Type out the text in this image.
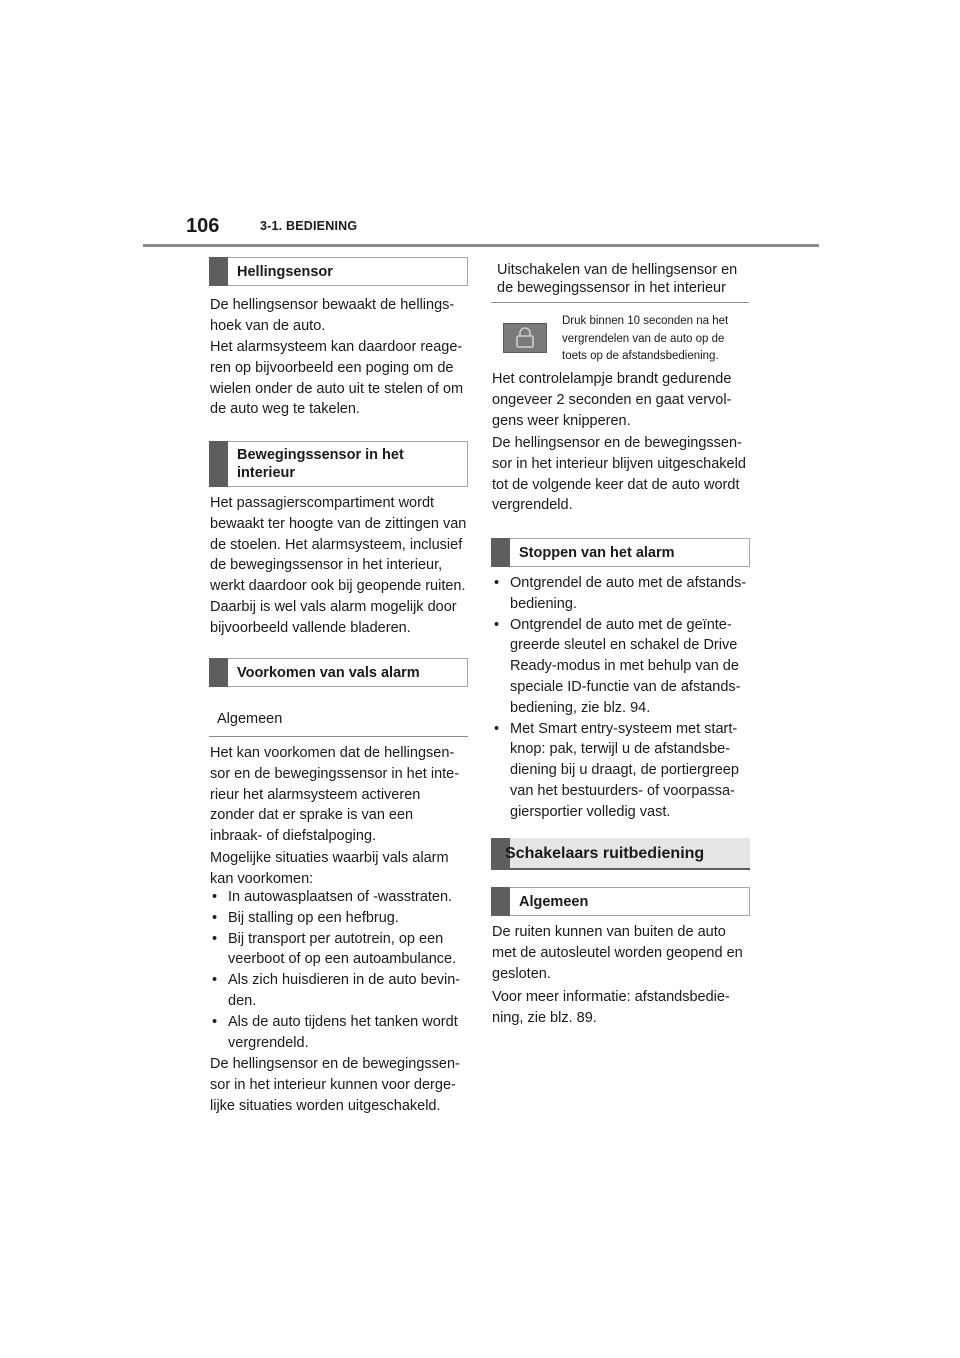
106	3-1. BEDIENING
Hellingsensor

De hellingsensor bewaakt de hellings-
hoek van de auto.

Het alarmsysteem kan daardoor reage-
ren op bijvoorbeeld een poging om de
wielen onder de auto uit te stelen of om
de auto weg te takelen.

Bewegingssensor in het
interieur

Het passagierscompartiment wordt
bewaakt ter hoogte van de zittingen van
de stoelen. Het alarmsysteem, inclusief
de bewegingssensor in het interieur,
werkt daardoor ook bij geopende ruiten.
Daarbij is wel vals alarm mogelijk door
bijvoorbeeld vallende bladeren.

Voorkomen van vals alarm
Algemeen

Het kan voorkomen dat de hellingsen-
sor en de bewegingssensor in het inte-
rieur het alarmsysteem activeren
zonder dat er sprake is van een
inbraak- of diefstalpoging.

Mogelijke situaties waarbij vals alarm
kan voorkomen:

• In autowasplaatsen of -wasstraten.
• Bij stalling op een hefbrug.
• Bij transport per autotrein, op een
veerboot of op een autoambulance.
• Als zich huisdieren in de auto bevin-
den.
• Als de auto tijdens het tanken wordt
vergrendeld.

De hellingsensor en de bewegingssen-
sor in het interieur kunnen voor derge-
lijke situaties worden uitgeschakeld.

Uitschakelen van de hellingsensor en
de bewegingssensor in het interieur
Druk binnen 10 seconden na het
vergrendelen van de auto op de
toets op de afstandsbediening.

Het controlelampje brandt gedurende
ongeveer 2 seconden en gaat vervol-
gens weer knipperen.

De hellingsensor en de bewegingssen-
sor in het interieur blijven uitgeschakeld
tot de volgende keer dat de auto wordt
vergrendeld.

Stoppen van het alarm
• Ontgrendel de auto met de afstands-
bediening.
• Ontgrendel de auto met de geïnte-
greerde sleutel en schakel de Drive
Ready-modus in met behulp van de
speciale ID-functie van de afstands-
bediening, zie blz. 94.
• Met Smart entry-systeem met start-
knop: pak, terwijl u de afstandsbe-
diening bij u draagt, de portiergreep
van het bestuurders- of voorpassa-
giersportier volledig vast.
Schakelaars ruitbediening
Algemeen

De ruiten kunnen van buiten de auto
met de autosleutel worden geopend en
gesloten.

Voor meer informatie: afstandsbedie-
ning, zie blz. 89.
